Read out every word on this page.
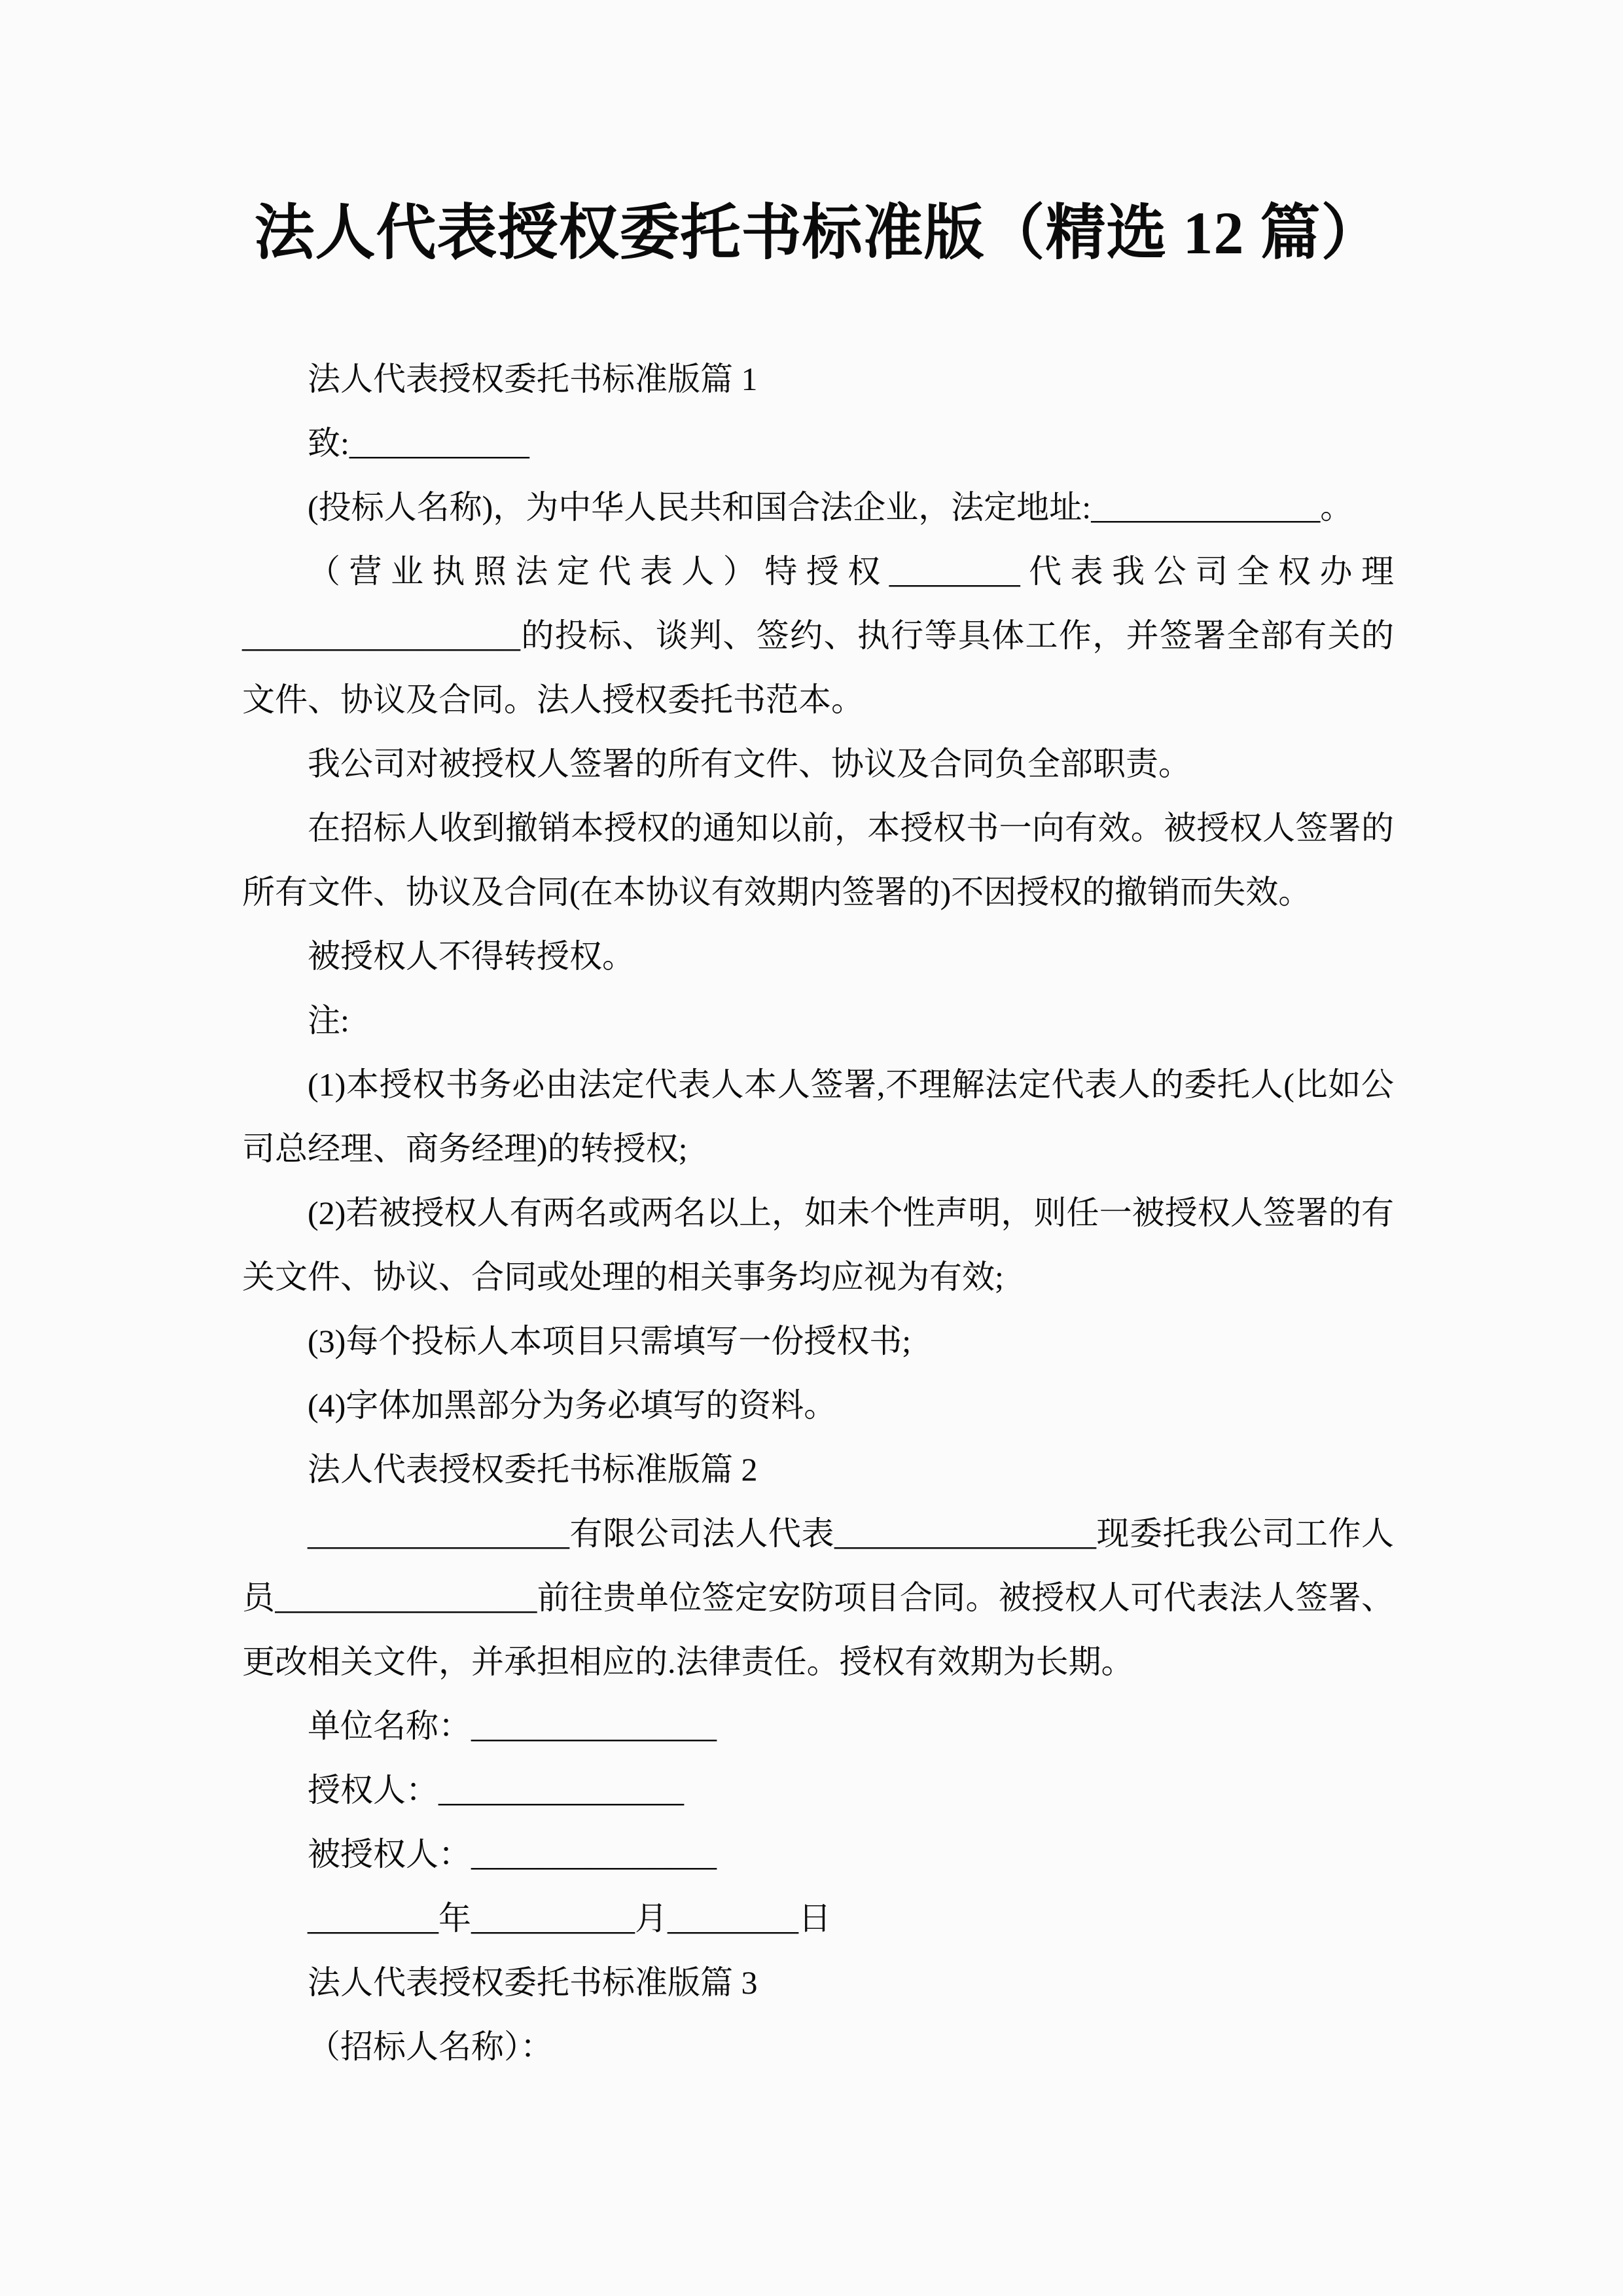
法人代表授权委托书标准版（精选 12 篇）

法人代表授权委托书标准版篇 1

致:___________

(投标人名称)，为中华人民共和国合法企业，法定地址:______________。

（营业执照法定代表人）特授权________代表我公司全权办理_________________的投标、谈判、签约、执行等具体工作，并签署全部有关的文件、协议及合同。法人授权委托书范本。

我公司对被授权人签署的所有文件、协议及合同负全部职责。

在招标人收到撤销本授权的通知以前，本授权书一向有效。被授权人签署的所有文件、协议及合同(在本协议有效期内签署的)不因授权的撤销而失效。

被授权人不得转授权。

注:

(1)本授权书务必由法定代表人本人签署,不理解法定代表人的委托人(比如公司总经理、商务经理)的转授权;

(2)若被授权人有两名或两名以上，如未个性声明，则任一被授权人签署的有关文件、协议、合同或处理的相关事务均应视为有效;

(3)每个投标人本项目只需填写一份授权书;

(4)字体加黑部分为务必填写的资料。

法人代表授权委托书标准版篇 2

________________有限公司法人代表________________现委托我公司工作人员________________前往贵单位签定安防项目合同。被授权人可代表法人签署、更改相关文件，并承担相应的.法律责任。授权有效期为长期。

单位名称：_______________

授权人：_______________

被授权人：_______________

________年__________月________日

法人代表授权委托书标准版篇 3

（招标人名称）：
